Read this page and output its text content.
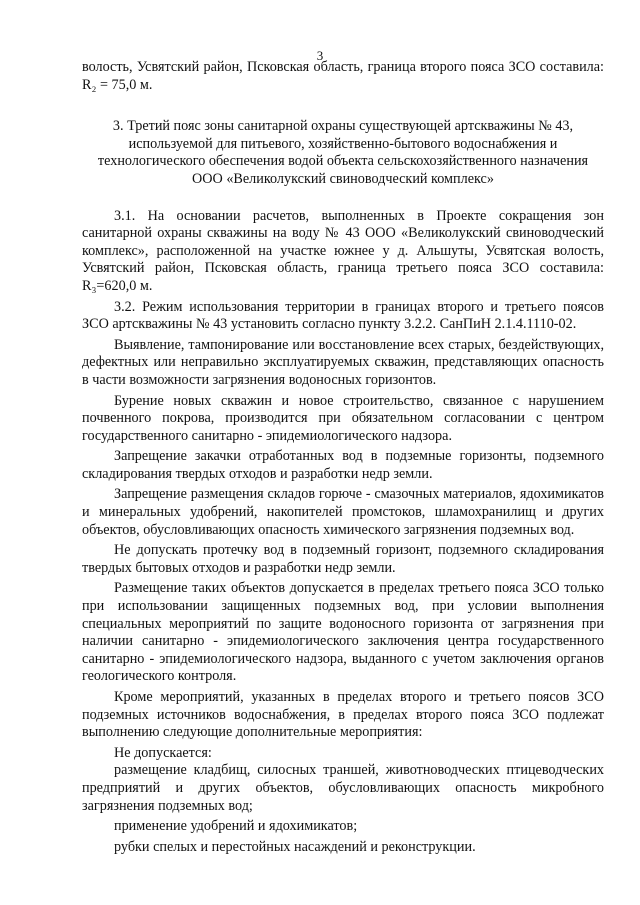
3

волость, Усвятский район, Псковская область, граница второго пояса ЗСО составила: R₂ = 75,0 м.

3. Третий пояс зоны санитарной охраны существующей артскважины № 43, используемой для питьевого, хозяйственно-бытового водоснабжения и технологического обеспечения водой объекта сельскохозяйственного назначения ООО «Великолукский свиноводческий комплекс»

3.1. На основании расчетов, выполненных в Проекте сокращения зон санитарной охраны скважины на воду № 43 ООО «Великолукский свиноводческий комплекс», расположенной на участке южнее у д. Альшуты, Усвятская волость, Усвятский район, Псковская область, граница третьего пояса ЗСО составила: R₃=620,0 м.

3.2. Режим использования территории в границах второго и третьего поясов ЗСО артскважины № 43 установить согласно пункту 3.2.2. СанПиН 2.1.4.1110-02.

Выявление, тампонирование или восстановление всех старых, бездействующих, дефектных или неправильно эксплуатируемых скважин, представляющих опасность в части возможности загрязнения водоносных горизонтов.

Бурение новых скважин и новое строительство, связанное с нарушением почвенного покрова, производится при обязательном согласовании с центром государственного санитарно - эпидемиологического надзора.

Запрещение закачки отработанных вод в подземные горизонты, подземного складирования твердых отходов и разработки недр земли.

Запрещение размещения складов горюче - смазочных материалов, ядохимикатов и минеральных удобрений, накопителей промстоков, шламохранилищ и других объектов, обусловливающих опасность химического загрязнения подземных вод.

Не допускать протечку вод в подземный горизонт, подземного складирования твердых бытовых отходов и разработки недр земли.

Размещение таких объектов допускается в пределах третьего пояса ЗСО только при использовании защищенных подземных вод, при условии выполнения специальных мероприятий по защите водоносного горизонта от загрязнения при наличии санитарно - эпидемиологического заключения центра государственного санитарно - эпидемиологического надзора, выданного с учетом заключения органов геологического контроля.

Кроме мероприятий, указанных в пределах второго и третьего поясов ЗСО подземных источников водоснабжения, в пределах второго пояса ЗСО подлежат выполнению следующие дополнительные мероприятия:

Не допускается:

размещение кладбищ, силосных траншей, животноводческих птицеводческих предприятий и других объектов, обусловливающих опасность микробного загрязнения подземных вод;

применение удобрений и ядохимикатов;

рубки спелых и перестойных насаждений и реконструкции.
